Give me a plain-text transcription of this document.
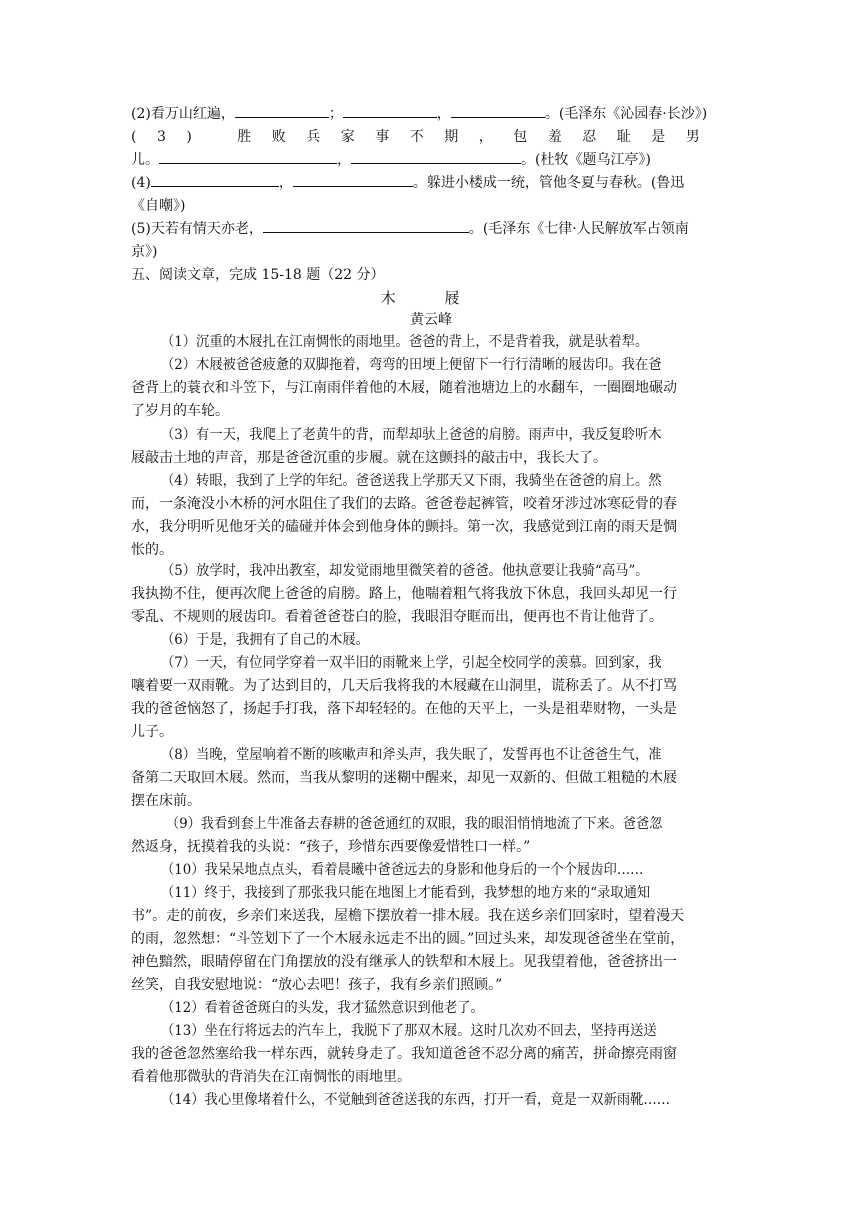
(2)看万山红遍，	；	，	。(毛泽东《沁园春·长沙》)
(3) 胜败兵家事不期，包羞忍耻是男
儿。	，	。(杜牧《题乌江亭》)
(4)	，	。躲进小楼成一统，管他冬夏与春秋。(鲁迅
《自嘲》)
(5)天若有情天亦老，	。(毛泽东《七律·人民解放军占领南
京》)
五、阅读文章，完成 15-18 题（22 分）
木 屐
黄云峰
（1）沉重的木屐扎在江南惆怅的雨地里。爸爸的背上，不是背着我，就是驮着犁。
（2）木屐被爸爸疲惫的双脚拖着，弯弯的田埂上便留下一行行清晰的屐齿印。我在爸
爸背上的蓑衣和斗笠下，与江南雨伴着他的木屐，随着池塘边上的水翻车，一圈圈地碾动
了岁月的车轮。
（3）有一天，我爬上了老黄牛的背，而犁却驮上爸爸的肩膀。雨声中，我反复聆听木
屐敲击土地的声音，那是爸爸沉重的步履。就在这颤抖的敲击中，我长大了。
（4）转眼，我到了上学的年纪。爸爸送我上学那天又下雨，我骑坐在爸爸的肩上。然
而，一条淹没小木桥的河水阻住了我们的去路。爸爸卷起裤管，咬着牙涉过冰寒砭骨的春
水，我分明听见他牙关的磕碰并体会到他身体的颤抖。第一次，我感觉到江南的雨天是惆
怅的。
（5）放学时，我冲出教室，却发觉雨地里微笑着的爸爸。他执意要让我骑“高马”。
我执拗不住，便再次爬上爸爸的肩膀。路上，他喘着粗气将我放下休息，我回头却见一行
零乱、不规则的屐齿印。看着爸爸苍白的脸，我眼泪夺眶而出，便再也不肯让他背了。
（6）于是，我拥有了自己的木屐。
（7）一天，有位同学穿着一双半旧的雨靴来上学，引起全校同学的羡慕。回到家，我
嚷着要一双雨靴。为了达到目的，几天后我将我的木屐藏在山洞里，谎称丢了。从不打骂
我的爸爸恼怒了，扬起手打我，落下却轻轻的。在他的天平上，一头是祖辈财物，一头是
儿子。
（8）当晚，堂屋响着不断的咳嗽声和斧头声，我失眠了，发誓再也不让爸爸生气，准
备第二天取回木屐。然而，当我从黎明的迷糊中醒来，却见一双新的、但做工粗糙的木屐
摆在床前。
（9）我看到套上牛准备去春耕的爸爸通红的双眼，我的眼泪悄悄地流了下来。爸爸忽
然返身，抚摸着我的头说：“孩子，珍惜东西要像爱惜牲口一样。”
（10）我呆呆地点点头，看着晨曦中爸爸远去的身影和他身后的一个个屐齿印……
（11）终于，我接到了那张我只能在地图上才能看到，我梦想的地方来的“录取通知
书”。走的前夜，乡亲们来送我，屋檐下摆放着一排木屐。我在送乡亲们回家时，望着漫天
的雨，忽然想：“斗笠划下了一个木屐永远走不出的圆。”回过头来，却发现爸爸坐在堂前，
神色黯然，眼睛停留在门角摆放的没有继承人的铁犁和木屐上。见我望着他，爸爸挤出一
丝笑，自我安慰地说：“放心去吧！孩子，我有乡亲们照顾。”
（12）看着爸爸斑白的头发，我才猛然意识到他老了。
（13）坐在行将远去的汽车上，我脱下了那双木屐。这时几次劝不回去，坚持再送送
我的爸爸忽然塞给我一样东西，就转身走了。我知道爸爸不忍分离的痛苦，拼命擦亮雨窗
看着他那微驮的背消失在江南惆怅的雨地里。
（14）我心里像堵着什么，不觉触到爸爸送我的东西，打开一看，竟是一双新雨靴……
